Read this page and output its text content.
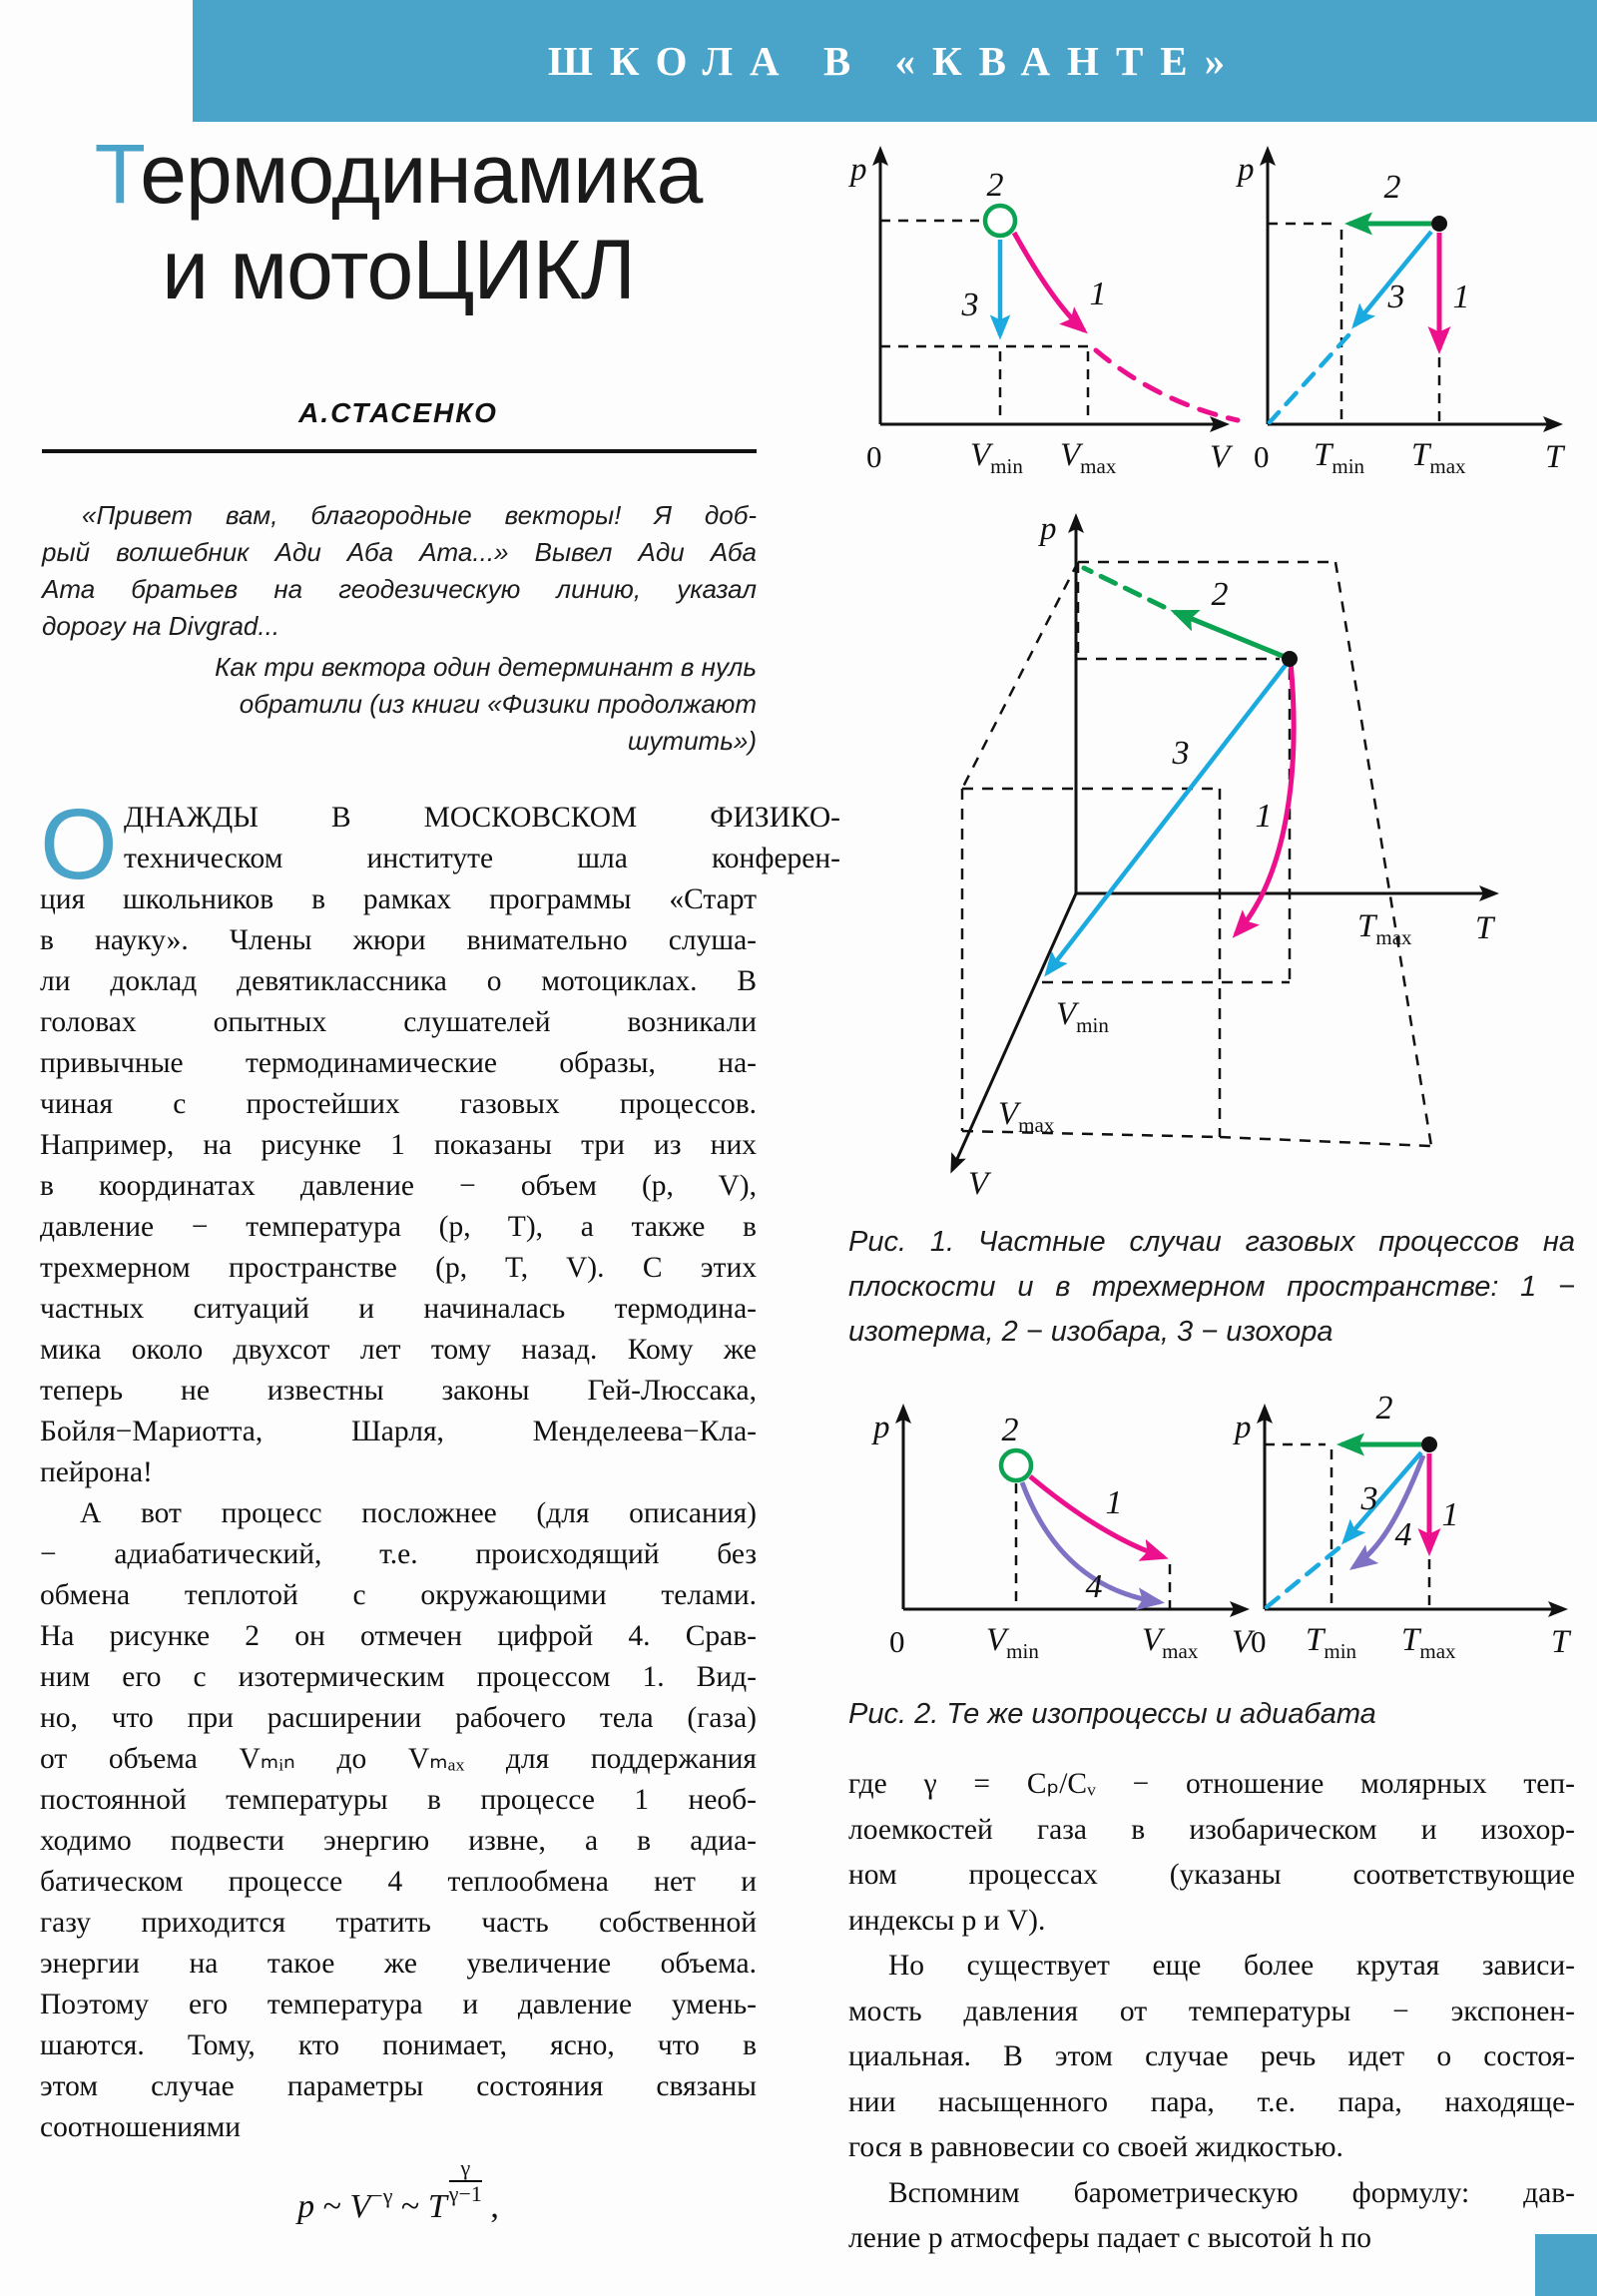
ШКОЛА В «КВАНТЕ»
Термодинамика
и мотоЦИКЛ
А.СТАСЕНКО
«Привет вам, благородные векторы! Я доб-
рый волшебник Ади Аба Ата...» Вывел Ади Аба
Ата братьев на геодезическую линию, указал
дорогу на Divgrad...
Как три вектора один детерминант в нуль
обратили (из книги «Физики продолжают
шутить»)
О ДНАЖДЫ В МОСКОВСКОМ ФИЗИКО-
техническом институте шла конферен-
ция школьников в рамках программы «Старт
в науку». Члены жюри внимательно слуша-
ли доклад девятиклассника о мотоциклах. В
головах опытных слушателей возникали
привычные термодинамические образы, на-
чиная с простейших газовых процессов.
Например, на рисунке 1 показаны три из них
в координатах давление − объем (p, V),
давление − температура (p, T), а также в
трехмерном пространстве (p, T, V). С этих
частных ситуаций и начиналась термодина-
мика около двухсот лет тому назад. Кому же
теперь не известны законы Гей-Люссака,
Бойля−Мариотта, Шарля, Менделеева−Кла-
пейрона!
А вот процесс посложнее (для описания)
− адиабатический, т.е. происходящий без
обмена теплотой с окружающими телами.
На рисунке 2 он отмечен цифрой 4. Срав-
ним его с изотермическим процессом 1. Вид-
но, что при расширении рабочего тела (газа)
от объема Vₘᵢₙ до Vₘₐₓ для поддержания
постоянной температуры в процессе 1 необ-
ходимо подвести энергию извне, а в адиа-
батическом процессе 4 теплообмена нет и
газу приходится тратить часть собственной
энергии на такое же увеличение объема.
Поэтому его температура и давление умень-
шаются. Тому, кто понимает, ясно, что в
этом случае параметры состояния связаны
соотношениями
p ~ $V^{-\gamma}$ ~ T
$\frac{\gamma}{\gamma-1}$ ,
2
3	1
p
V
0	Vmin Vmax
2
3 1
p
T
0 Tmin Tmax
2
3
1
p
T
V
Tmax
Vmin
Vmax
Рис. 1. Частные случаи газовых процессов на
плоскости и в трехмерном пространстве: 1 −
изотерма, 2 − изобара, 3 − изохора
2
1
4
p
V
0 Vmin	Vmax
2
3
4
1
p
T
0 Tmin Tmax
Рис. 2. Те же изопроцессы и адиабата
где γ = Cₚ/Cᵥ − отношение молярных теп-
лоемкостей газа в изобарическом и изохор-
ном процессах (указаны соответствующие
индексы p и V).
Но существует еще более крутая зависи-
мость давления от температуры − экспонен-
циальная. В этом случае речь идет о состоя-
нии насыщенного пара, т.е. пара, находяще-
гося в равновесии со своей жидкостью.
Вспомним барометрическую формулу: дав-
ление p атмосферы падает с высотой h по
